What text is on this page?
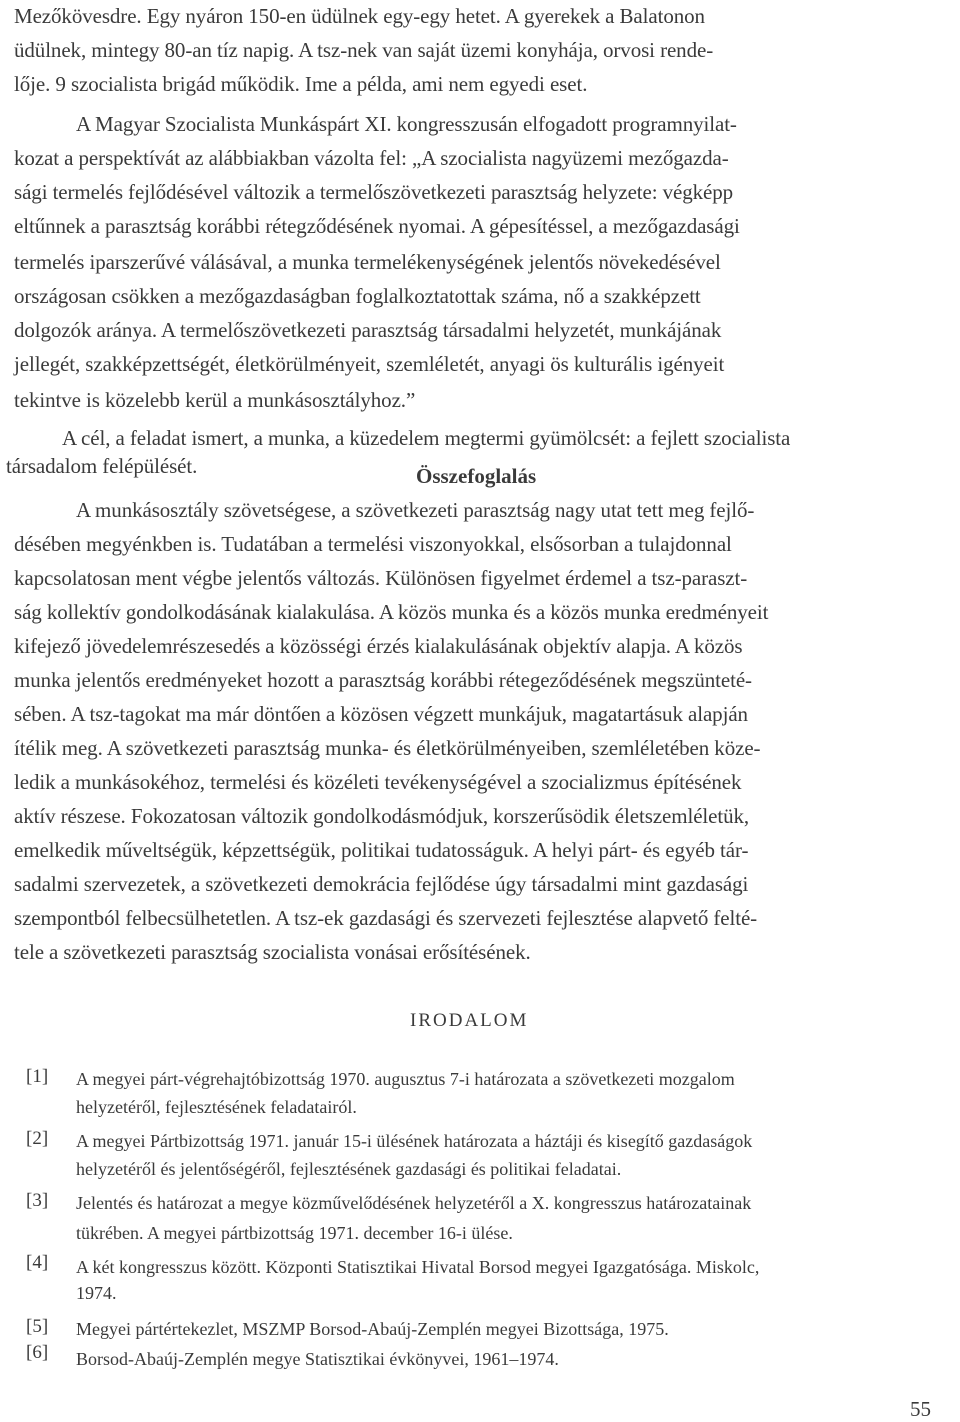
Mezőkövesdre. Egy nyáron 150-en üdülnek egy-egy hetet. A gyerekek a Balatonon
üdülnek, mintegy 80-an tíz napig. A tsz-nek van saját üzemi konyhája, orvosi rende-
lője. 9 szocialista brigád működik. Ime a példa, ami nem egyedi eset.
A Magyar Szocialista Munkáspárt XI. kongresszusán elfogadott programnyilat-
kozat a perspektívát az alábbiakban vázolta fel: „A szocialista nagyüzemi mezőgazda-
sági termelés fejlődésével változik a termelőszövetkezeti parasztság helyzete: végképp
eltűnnek a parasztság korábbi rétegződésének nyomai. A gépesítéssel, a mezőgazdasági
termelés iparszerűvé válásával, a munka termelékenységének jelentős növekedésével
országosan csökken a mezőgazdaságban foglalkoztatottak száma, nő a szakképzett
dolgozók aránya. A termelőszövetkezeti parasztság társadalmi helyzetét, munkájának
jellegét, szakképzettségét, életkörülményeit, szemléletét, anyagi ös kulturális igényeit
tekintve is közelebb kerül a munkásosztályhoz.”
A cél, a feladat ismert, a munka, a küzedelem megtermi gyümölcsét: a fejlett szocialista
társadalom felépülését.	Összefoglalás
A munkásosztály szövetségese, a szövetkezeti parasztság nagy utat tett meg fejlő-
désében megyénkben is. Tudatában a termelési viszonyokkal, elsősorban a tulajdonnal
kapcsolatosan ment végbe jelentős változás. Különösen figyelmet érdemel a tsz-paraszt-
ság kollektív gondolkodásának kialakulása. A közös munka és a közös munka eredményeit
kifejező jövedelemrészesedés a közösségi érzés kialakulásának objektív alapja. A közös
munka jelentős eredményeket hozott a parasztság korábbi rétegeződésének megszünteté-
sében. A tsz-tagokat ma már döntően a közösen végzett munkájuk, magatartásuk alapján
ítélik meg. A szövetkezeti parasztság munka- és életkörülményeiben, szemléletében köze-
ledik a munkásokéhoz, termelési és közéleti tevékenységével a szocializmus építésének
aktív részese. Fokozatosan változik gondolkodásmódjuk, korszerűsödik életszemléletük,
emelkedik műveltségük, képzettségük, politikai tudatosságuk. A helyi párt- és egyéb tár-
sadalmi szervezetek, a szövetkezeti demokrácia fejlődése úgy társadalmi mint gazdasági
szempontból felbecsülhetetlen. A tsz-ek gazdasági és szervezeti fejlesztése alapvető felté-
tele a szövetkezeti parasztság szocialista vonásai erősítésének.
IRODALOM
[1] A megyei párt-végrehajtóbizottság 1970. augusztus 7-i határozata a szövetkezeti mozgalom
helyzetéről, fejlesztésének feladatairól.
[2] A megyei Pártbizottság 1971. január 15-i ülésének határozata a háztáji és kisegítő gazdaságok
helyzetéről és jelentőségéről, fejlesztésének gazdasági és politikai feladatai.
[3] Jelentés és határozat a megye közművelődésének helyzetéről a X. kongresszus határozatainak
tükrében. A megyei pártbizottság 1971. december 16-i ülése.
[4] A két kongresszus között. Központi Statisztikai Hivatal Borsod megyei Igazgatósága. Miskolc,
1974.
[5] Megyei pártértekezlet, MSZMP Borsod-Abaúj-Zemplén megyei Bizottsága, 1975.
[6] Borsod-Abaúj-Zemplén megye Statisztikai évkönyvei, 1961–1974.
55
